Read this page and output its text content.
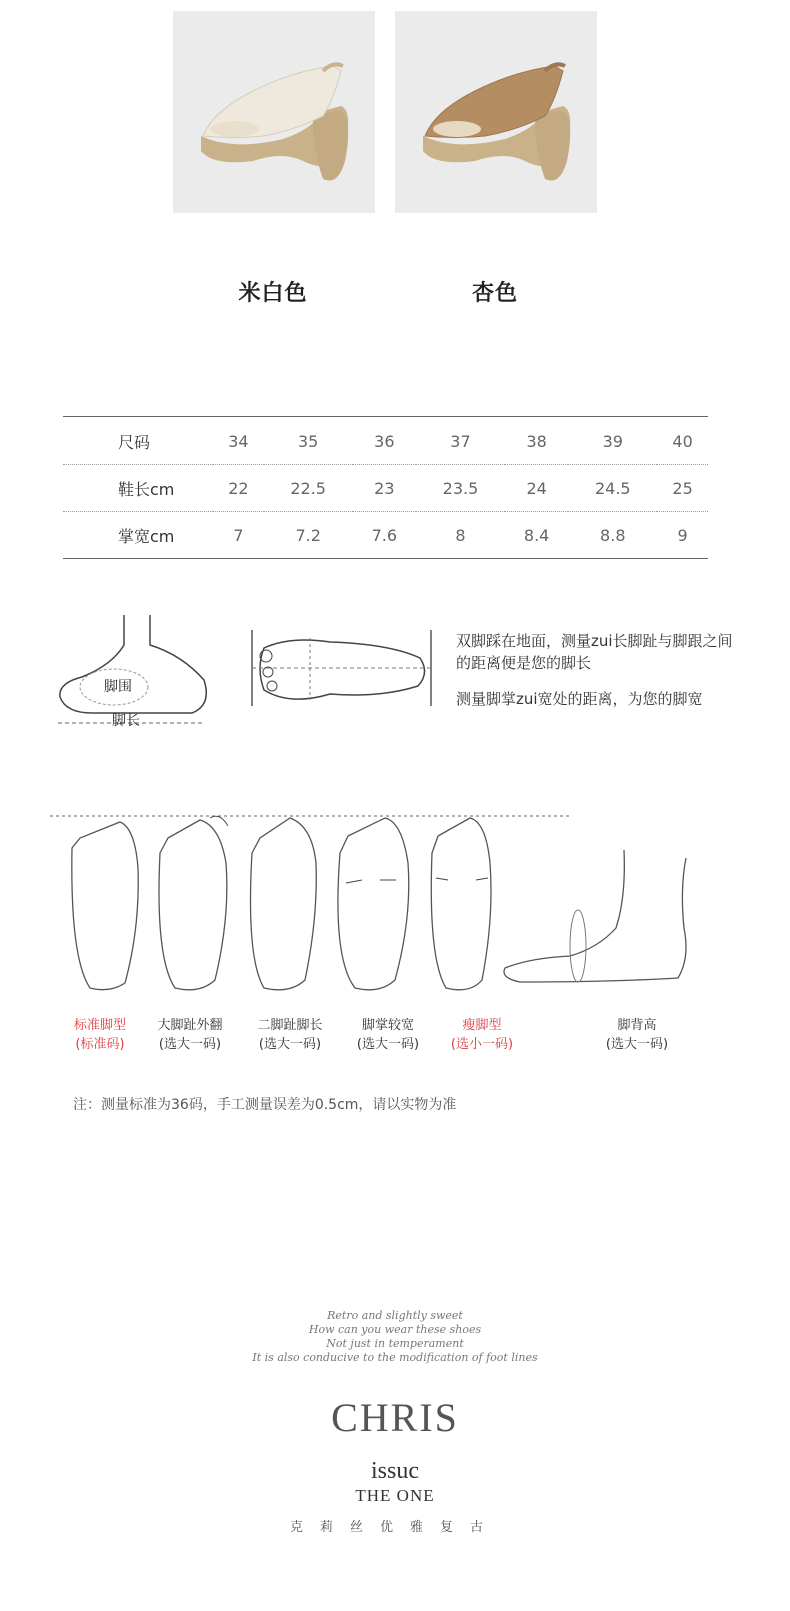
米白色	杏色
尺码	34	35	36	37	38	39	40
鞋长cm	22	22.5	23	23.5	24	24.5	25
掌宽cm	7	7.2	7.6	8	8.4	8.8	9
脚围
脚长
双脚踩在地面，测量zui长脚趾与脚跟之间的距离便是您的脚长
测量脚掌zui宽处的距离，为您的脚宽
标准脚型
(标准码)
大脚趾外翻
(选大一码)
二脚趾脚长
(选大一码)
脚掌较宽
(选大一码)
瘦脚型
(选小一码)
脚背高
(选大一码)
注：测量标准为36码，手工测量误差为0.5cm，请以实物为准
Retro and slightly sweet
How can you wear these shoes
Not just in temperament
It is also conducive to the modification of foot lines
CHRIS
issuc
THE ONE
克莉丝优雅复古
